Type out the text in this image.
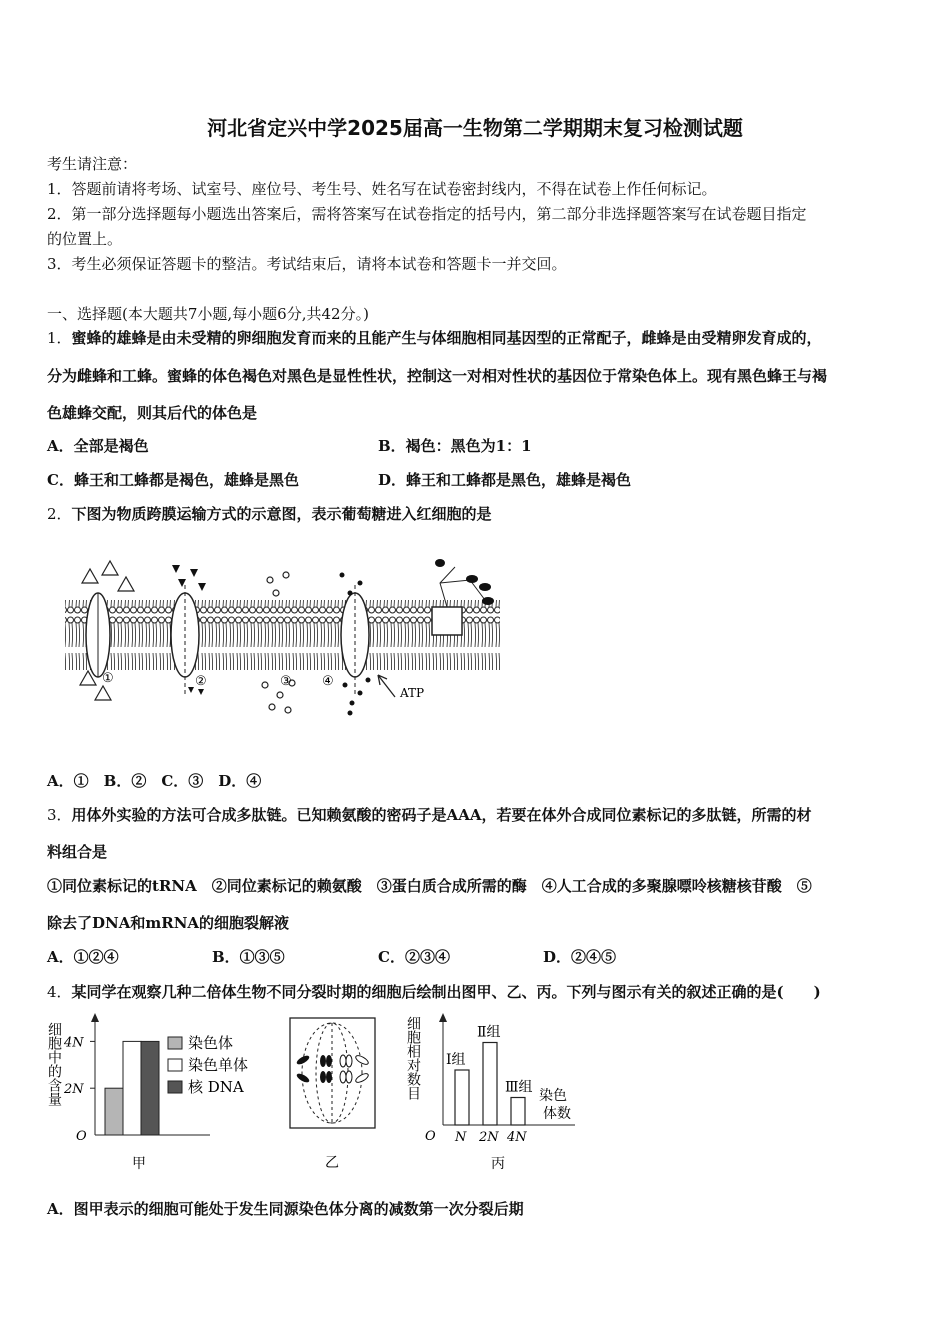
河北省定兴中学2025届高一生物第二学期期末复习检测试题
考生请注意：
1．答题前请将考场、试室号、座位号、考生号、姓名写在试卷密封线内，不得在试卷上作任何标记。
2．第一部分选择题每小题选出答案后，需将答案写在试卷指定的括号内，第二部分非选择题答案写在试卷题目指定
的位置上。
3．考生必须保证答题卡的整洁。考试结束后，请将本试卷和答题卡一并交回。
一、选择题(本大题共7小题,每小题6分,共42分。)
1．蜜蜂的雄蜂是由未受精的卵细胞发育而来的且能产生与体细胞相同基因型的正常配子，雌蜂是由受精卵发育成的，
分为雌蜂和工蜂。蜜蜂的体色褐色对黑色是显性性状，控制这一对相对性状的基因位于常染色体上。现有黑色蜂王与褐
色雄蜂交配，则其后代的体色是
A．全部是褐色	B．褐色：黑色为1：1
C．蜂王和工蜂都是褐色，雄蜂是黑色	D．蜂王和工蜂都是黑色，雄蜂是褐色
2．下图为物质跨膜运输方式的示意图，表示葡萄糖进入红细胞的是
①	②	③ ④
ATP
A．①　B．②　C．③　D．④
3．用体外实验的方法可合成多肽链。已知赖氨酸的密码子是AAA，若要在体外合成同位素标记的多肽链，所需的材
料组合是
①同位素标记的tRNA　②同位素标记的赖氨酸　③蛋白质合成所需的酶　④人工合成的多聚腺嘌呤核糖核苷酸　⑤
除去了DNA和mRNA的细胞裂解液
A．①②④	B．①③⑤	C．②③④	D．②④⑤
4．某同学在观察几种二倍体生物不同分裂时期的细胞后绘制出图甲、乙、丙。下列与图示有关的叙述正确的是(　　)
细胞中的含量
O
2N
4N	染色体
染色单体
核 DNA
甲	乙
细胞相对数目
O
Ⅰ组
N
Ⅱ组
2N
Ⅲ组
4N
染色
体数
丙
A．图甲表示的细胞可能处于发生同源染色体分离的减数第一次分裂后期
